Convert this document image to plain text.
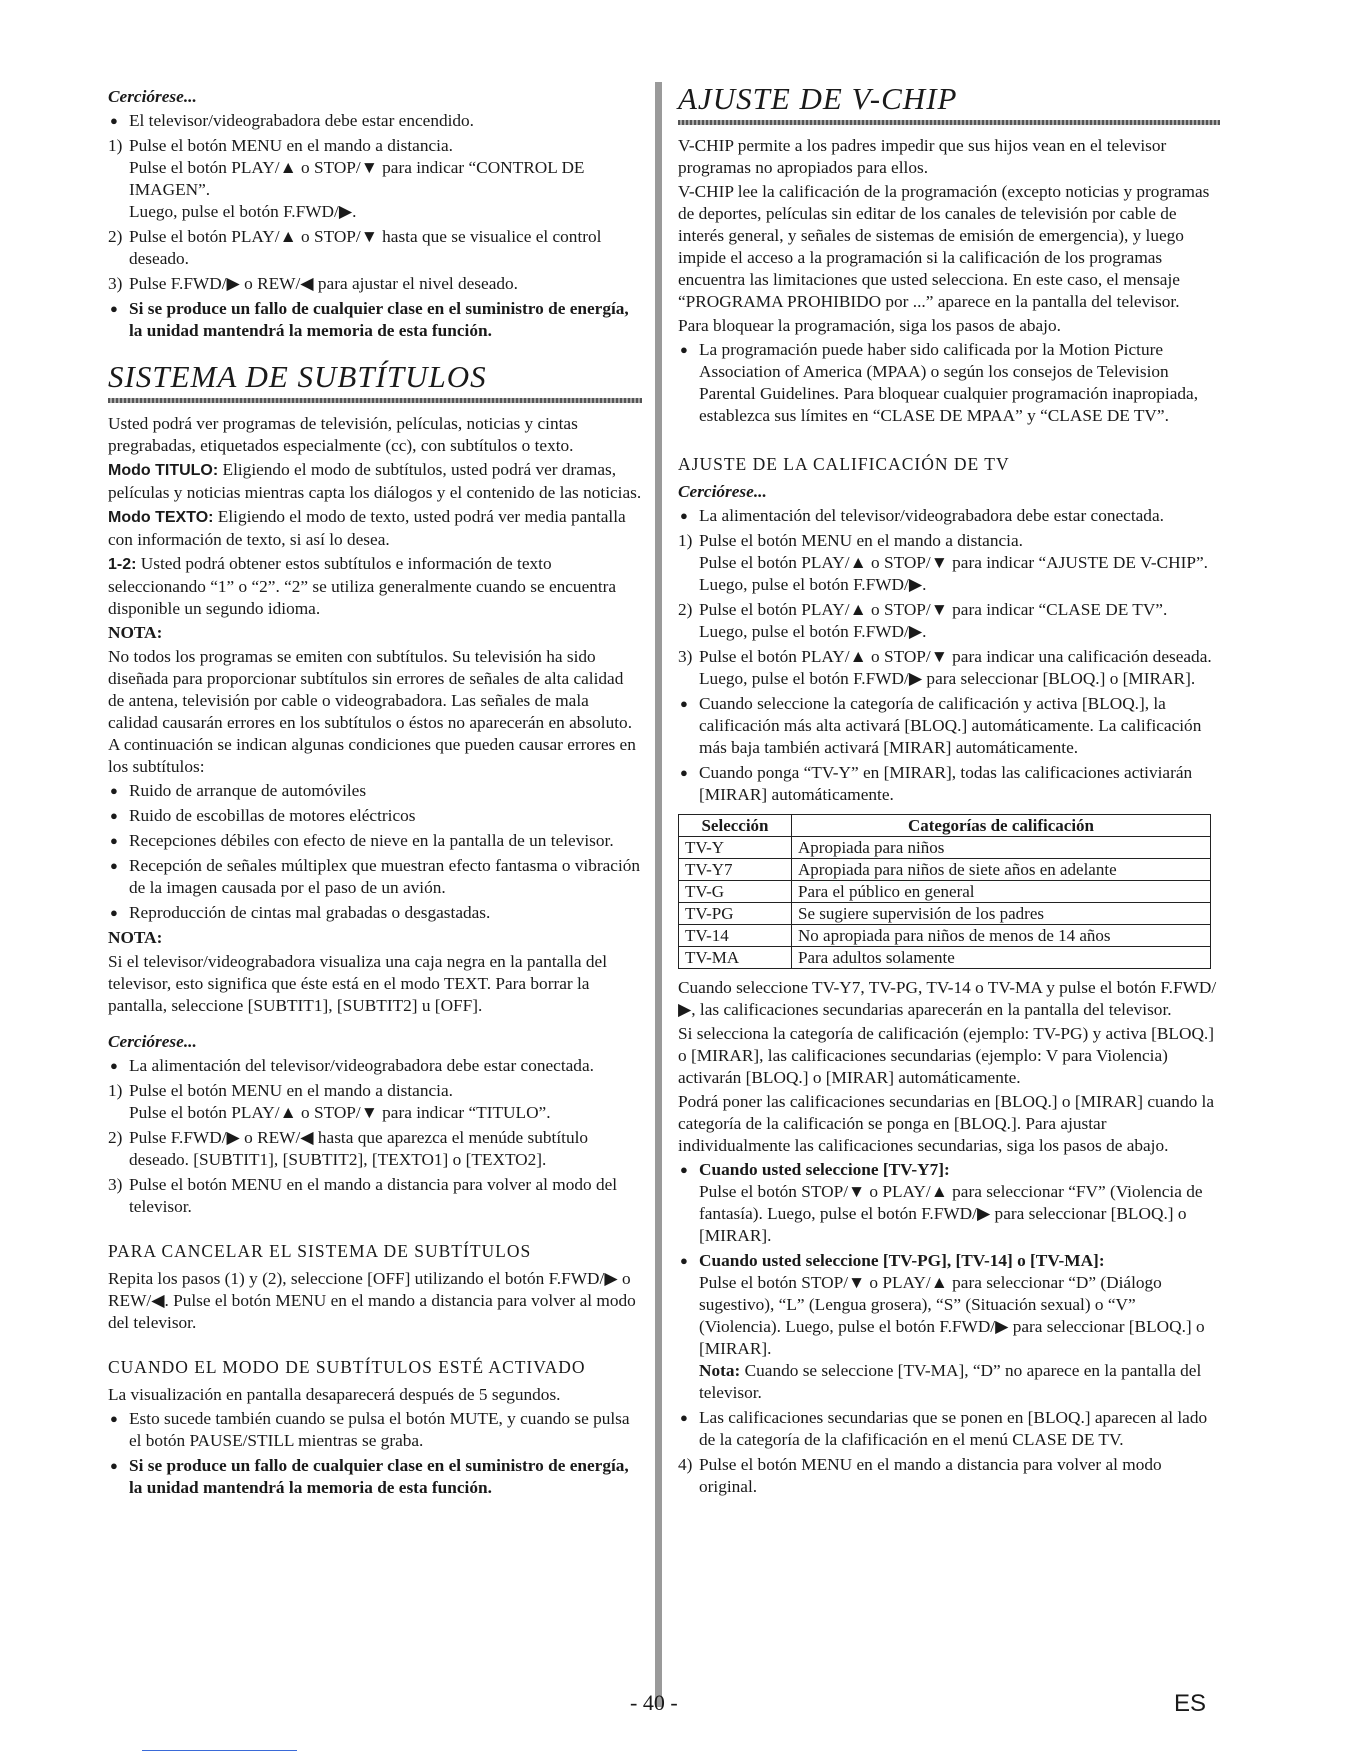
Cerciórese...

● El televisor/videograbadora debe estar encendido.
1) Pulse el botón MENU en el mando a distancia.
Pulse el botón PLAY/▲ o STOP/▼ para indicar “CONTROL DE IMAGEN”.
Luego, pulse el botón F.FWD/▶.
2) Pulse el botón PLAY/▲ o STOP/▼ hasta que se visualice el control deseado.
3) Pulse F.FWD/▶ o REW/◀ para ajustar el nivel deseado.
● Si se produce un fallo de cualquier clase en el suministro de energía, la unidad mantendrá la memoria de esta función.
SISTEMA DE SUBTÍTULOS

Usted podrá ver programas de televisión, películas, noticias y cintas pregrabadas, etiquetados especialmente (cc), con subtítulos o texto.

Modo TITULO: Eligiendo el modo de subtítulos, usted podrá ver dramas, películas y noticias mientras capta los diálogos y el contenido de las noticias.

Modo TEXTO: Eligiendo el modo de texto, usted podrá ver media pantalla con información de texto, si así lo desea.

1-2: Usted podrá obtener estos subtítulos e información de texto seleccionando “1” o “2”. “2” se utiliza generalmente cuando se encuentra disponible un segundo idioma.

NOTA:

No todos los programas se emiten con subtítulos. Su televisión ha sido diseñada para proporcionar subtítulos sin errores de señales de alta calidad de antena, televisión por cable o videograbadora. Las señales de mala calidad causarán errores en los subtítulos o éstos no aparecerán en absoluto. A continuación se indican algunas condiciones que pueden causar errores en los subtítulos:

● Ruido de arranque de automóviles
● Ruido de escobillas de motores eléctricos
● Recepciones débiles con efecto de nieve en la pantalla de un televisor.
● Recepción de señales múltiplex que muestran efecto fantasma o vibración de la imagen causada por el paso de un avión.
● Reproducción de cintas mal grabadas o desgastadas.

NOTA:

Si el televisor/videograbadora visualiza una caja negra en la pantalla del televisor, esto significa que éste está en el modo TEXT. Para borrar la pantalla, seleccione [SUBTIT1], [SUBTIT2] u [OFF].

Cerciórese...

● La alimentación del televisor/videograbadora debe estar conectada.
1) Pulse el botón MENU en el mando a distancia.
Pulse el botón PLAY/▲ o STOP/▼ para indicar “TITULO”.
2) Pulse F.FWD/▶ o REW/◀ hasta que aparezca el menúde subtítulo deseado. [SUBTIT1], [SUBTIT2], [TEXTO1] o [TEXTO2].
3) Pulse el botón MENU en el mando a distancia para volver al modo del televisor.
PARA CANCELAR EL SISTEMA DE SUBTÍTULOS

Repita los pasos (1) y (2), seleccione [OFF] utilizando el botón F.FWD/▶ o REW/◀. Pulse el botón MENU en el mando a distancia para volver al modo del televisor.

CUANDO EL MODO DE SUBTÍTULOS ESTÉ ACTIVADO

La visualización en pantalla desaparecerá después de 5 segundos.

● Esto sucede también cuando se pulsa el botón MUTE, y cuando se pulsa el botón PAUSE/STILL mientras se graba.
● Si se produce un fallo de cualquier clase en el suministro de energía, la unidad mantendrá la memoria de esta función.
AJUSTE DE V-CHIP

V-CHIP permite a los padres impedir que sus hijos vean en el televisor programas no apropiados para ellos.

V-CHIP lee la calificación de la programación (excepto noticias y programas de deportes, películas sin editar de los canales de televisión por cable de interés general, y señales de sistemas de emisión de emergencia), y luego impide el acceso a la programación si la calificación de los programas encuentra las limitaciones que usted selecciona. En este caso, el mensaje “PROGRAMA PROHIBIDO por ...” aparece en la pantalla del televisor.

Para bloquear la programación, siga los pasos de abajo.

● La programación puede haber sido calificada por la Motion Picture Association of America (MPAA) o según los consejos de Television Parental Guidelines. Para bloquear cualquier programación inapropiada, establezca sus límites en “CLASE DE MPAA” y “CLASE DE TV”.
AJUSTE DE LA CALIFICACIÓN DE TV

Cerciórese...

● La alimentación del televisor/videograbadora debe estar conectada.
1) Pulse el botón MENU en el mando a distancia.
Pulse el botón PLAY/▲ o STOP/▼ para indicar “AJUSTE DE V-CHIP”.
Luego, pulse el botón F.FWD/▶.
2) Pulse el botón PLAY/▲ o STOP/▼ para indicar “CLASE DE TV”.
Luego, pulse el botón F.FWD/▶.
3) Pulse el botón PLAY/▲ o STOP/▼ para indicar una calificación deseada.
Luego, pulse el botón F.FWD/▶ para seleccionar [BLOQ.] o [MIRAR].
● Cuando seleccione la categoría de calificación y activa [BLOQ.], la calificación más alta activará [BLOQ.] automáticamente. La calificación más baja también activará [MIRAR] automáticamente.
● Cuando ponga “TV-Y” en [MIRAR], todas las calificaciones activiarán [MIRAR] automáticamente.
Selección	Categorías de calificación
TV-Y	Apropiada para niños
TV-Y7	Apropiada para niños de siete años en adelante
TV-G	Para el público en general
TV-PG	Se sugiere supervisión de los padres
TV-14	No apropiada para niños de menos de 14 años
TV-MA	Para adultos solamente

Cuando seleccione TV-Y7, TV-PG, TV-14 o TV-MA y pulse el botón F.FWD/▶, las calificaciones secundarias aparecerán en la pantalla del televisor.

Si selecciona la categoría de calificación (ejemplo: TV-PG) y activa [BLOQ.] o [MIRAR], las calificaciones secundarias (ejemplo: V para Violencia) activarán [BLOQ.] o [MIRAR] automáticamente.

Podrá poner las calificaciones secundarias en [BLOQ.] o [MIRAR] cuando la categoría de la calificación se ponga en [BLOQ.]. Para ajustar individualmente las calificaciones secundarias, siga los pasos de abajo.

● Cuando usted seleccione [TV-Y7]:
Pulse el botón STOP/▼ o PLAY/▲ para seleccionar “FV” (Violencia de fantasía). Luego, pulse el botón F.FWD/▶ para seleccionar [BLOQ.] o [MIRAR].
● Cuando usted seleccione [TV-PG], [TV-14] o [TV-MA]:
Pulse el botón STOP/▼ o PLAY/▲ para seleccionar “D” (Diálogo sugestivo), “L” (Lengua grosera), “S” (Situación sexual) o “V” (Violencia). Luego, pulse el botón F.FWD/▶ para seleccionar [BLOQ.] o [MIRAR].
Nota: Cuando se seleccione [TV-MA], “D” no aparece en la pantalla del televisor.
● Las calificaciones secundarias que se ponen en [BLOQ.] aparecen al lado de la categoría de la clafificación en el menú CLASE DE TV.
4) Pulse el botón MENU en el mando a distancia para volver al modo original.
- 40 -	ES
